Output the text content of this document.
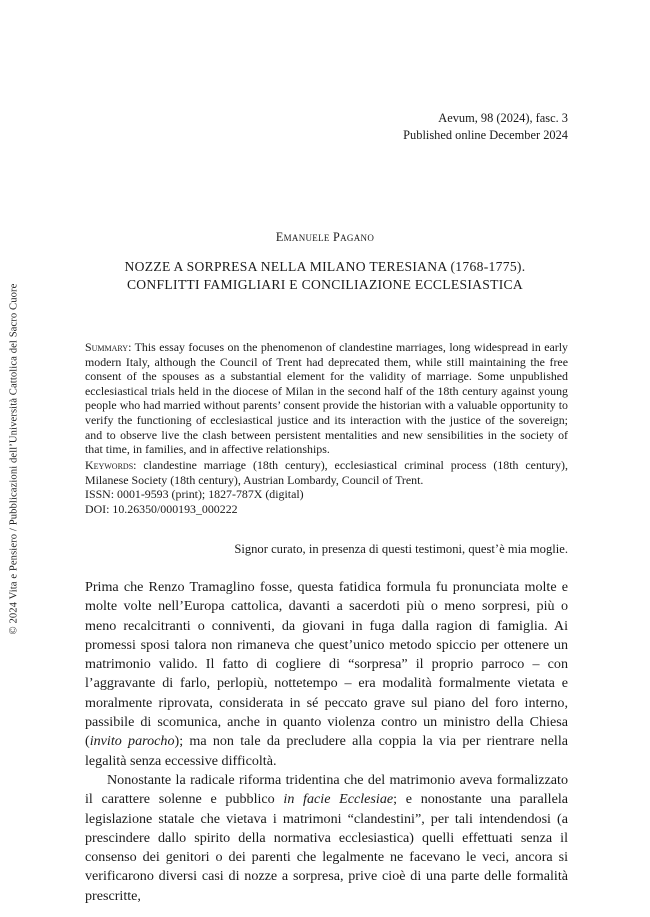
© 2024 Vita e Pensiero / Pubblicazioni dell’Università Cattolica del Sacro Cuore
Aevum, 98 (2024), fasc. 3
Published online December 2024
Emanuele Pagano
NOZZE A SORPRESA NELLA MILANO TERESIANA (1768-1775).
CONFLITTI FAMIGLIARI E CONCILIAZIONE ECCLESIASTICA
Summary: This essay focuses on the phenomenon of clandestine marriages, long widespread in early modern Italy, although the Council of Trent had deprecated them, while still maintaining the free consent of the spouses as a substantial element for the validity of marriage. Some unpublished ecclesiastical trials held in the diocese of Milan in the second half of the 18th century against young people who had married without parents’ consent provide the historian with a valuable opportunity to verify the functioning of ecclesiastical justice and its interaction with the justice of the sovereign; and to observe live the clash between persistent mentalities and new sensibilities in the society of that time, in families, and in affective relationships.
Keywords: clandestine marriage (18th century), ecclesiastical criminal process (18th century), Milanese Society (18th century), Austrian Lombardy, Council of Trent.
ISSN: 0001-9593 (print); 1827-787X (digital)
DOI: 10.26350/000193_000222
Signor curato, in presenza di questi testimoni, quest’è mia moglie.

Prima che Renzo Tramaglino fosse, questa fatidica formula fu pronunciata molte e molte volte nell’Europa cattolica, davanti a sacerdoti più o meno sorpresi, più o meno recalcitranti o conniventi, da giovani in fuga dalla ragion di famiglia. Ai promessi sposi talora non rimaneva che quest’unico metodo spiccio per ottenere un matrimonio valido. Il fatto di cogliere di “sorpresa” il proprio parroco – con l’aggravante di farlo, perlopiù, nottetempo – era modalità formalmente vietata e moralmente riprovata, considerata in sé peccato grave sul piano del foro interno, passibile di scomunica, anche in quanto violenza contro un ministro della Chiesa (invito parocho); ma non tale da precludere alla coppia la via per rientrare nella legalità senza eccessive difficoltà.

Nonostante la radicale riforma tridentina che del matrimonio aveva formalizzato il carattere solenne e pubblico in facie Ecclesiae; e nonostante una parallela legislazione statale che vietava i matrimoni “clandestini”, per tali intendendosi (a prescindere dallo spirito della normativa ecclesiastica) quelli effettuati senza il consenso dei genitori o dei parenti che legalmente ne facevano le veci, ancora si verificarono diversi casi di nozze a sorpresa, prive cioè di una parte delle formalità prescritte,
